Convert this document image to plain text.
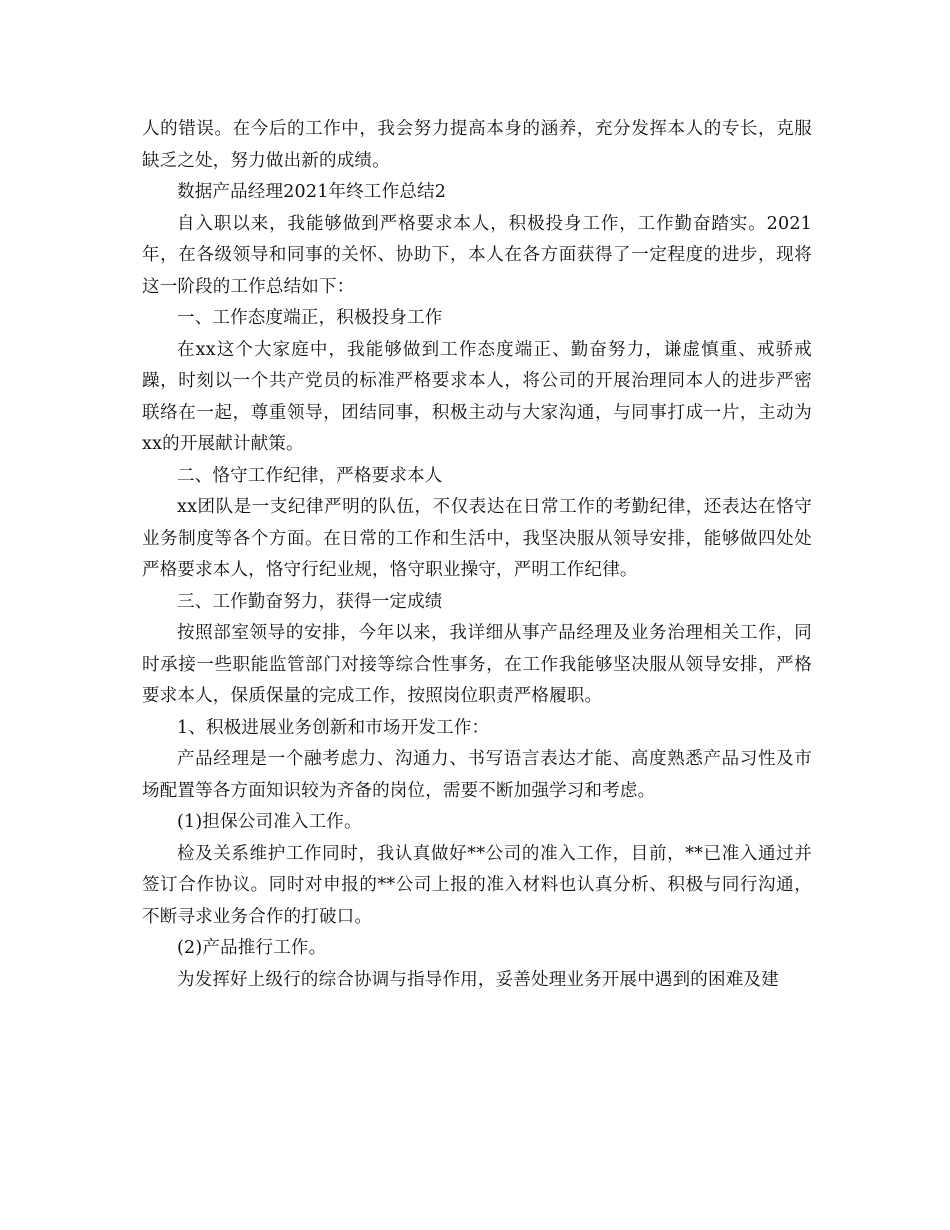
人的错误。在今后的工作中，我会努力提高本身的涵养，充分发挥本人的专长，克服缺乏之处，努力做出新的成绩。

数据产品经理2021年终工作总结2

自入职以来，我能够做到严格要求本人，积极投身工作，工作勤奋踏实。2021年，在各级领导和同事的关怀、协助下，本人在各方面获得了一定程度的进步，现将这一阶段的工作总结如下：

一、工作态度端正，积极投身工作

在xx这个大家庭中，我能够做到工作态度端正、勤奋努力，谦虚慎重、戒骄戒躁，时刻以一个共产党员的标准严格要求本人，将公司的开展治理同本人的进步严密联络在一起，尊重领导，团结同事，积极主动与大家沟通，与同事打成一片，主动为xx的开展献计献策。

二、恪守工作纪律，严格要求本人

xx团队是一支纪律严明的队伍，不仅表达在日常工作的考勤纪律，还表达在恪守业务制度等各个方面。在日常的工作和生活中，我坚决服从领导安排，能够做四处处严格要求本人，恪守行纪业规，恪守职业操守，严明工作纪律。

三、工作勤奋努力，获得一定成绩

按照部室领导的安排，今年以来，我详细从事产品经理及业务治理相关工作，同时承接一些职能监管部门对接等综合性事务，在工作我能够坚决服从领导安排，严格要求本人，保质保量的完成工作，按照岗位职责严格履职。

1、积极进展业务创新和市场开发工作：

产品经理是一个融考虑力、沟通力、书写语言表达才能、高度熟悉产品习性及市场配置等各方面知识较为齐备的岗位，需要不断加强学习和考虑。

(1)担保公司准入工作。

检及关系维护工作同时，我认真做好**公司的准入工作，目前，**已准入通过并签订合作协议。同时对申报的**公司上报的准入材料也认真分析、积极与同行沟通，不断寻求业务合作的打破口。

(2)产品推行工作。

为发挥好上级行的综合协调与指导作用，妥善处理业务开展中遇到的困难及建
